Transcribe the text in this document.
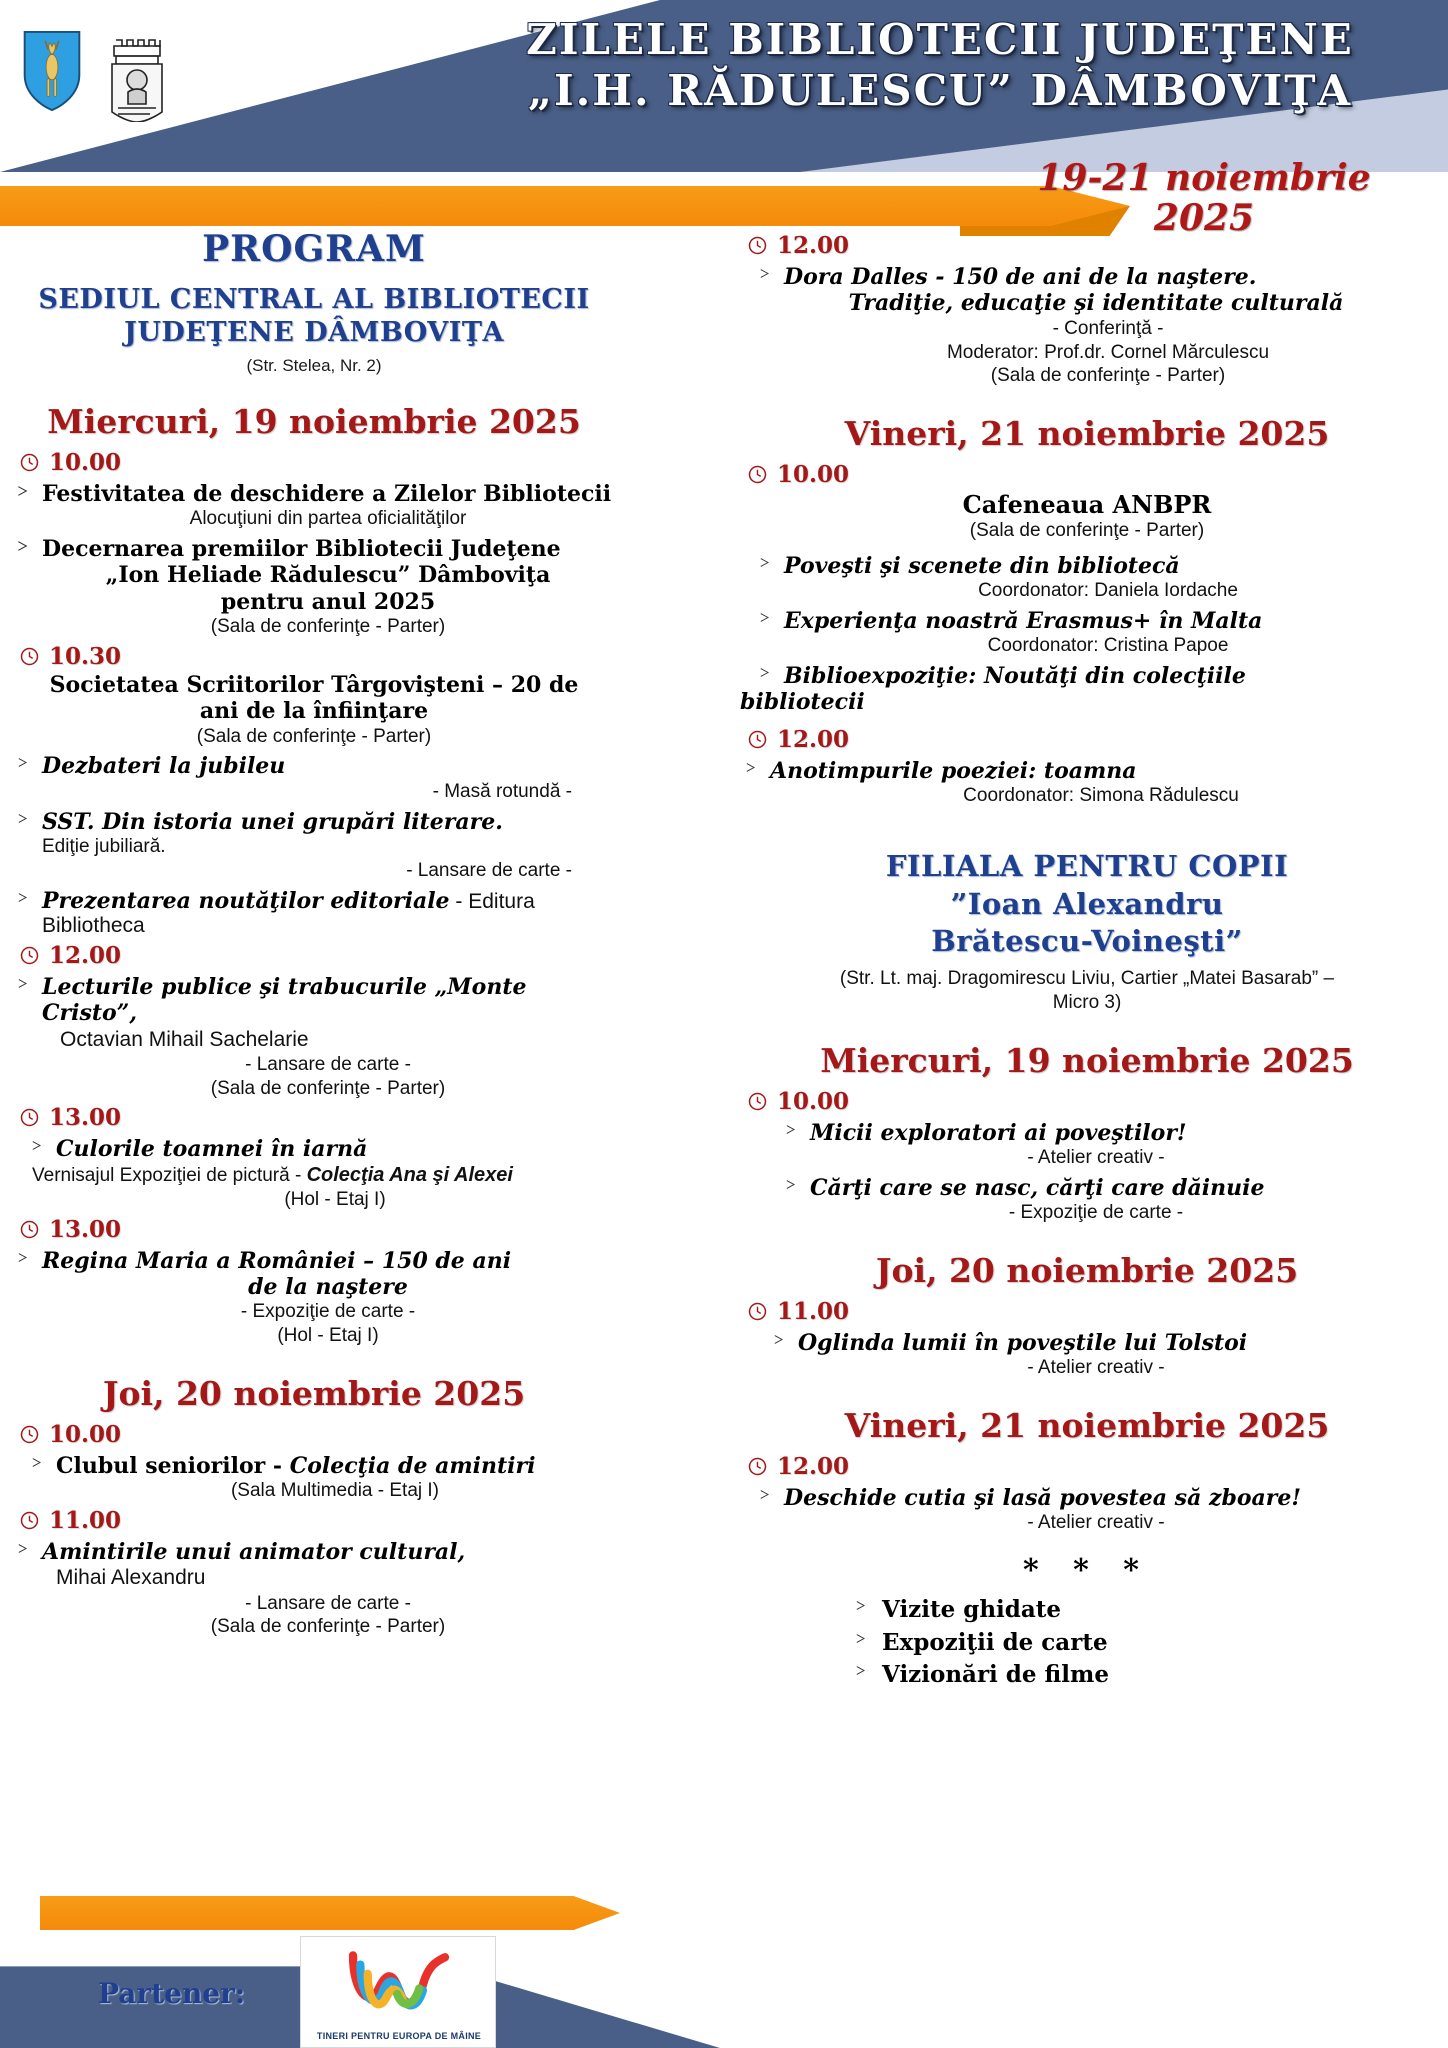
ZILELE BIBLIOTECII JUDEŢENE
„I.H. RĂDULESCU” DÂMBOVIŢA
19-21 noiembrie
2025
PROGRAM
SEDIUL CENTRAL AL BIBLIOTECII
JUDEŢENE DÂMBOVIŢA
(Str. Stelea, Nr. 2)
Miercuri, 19 noiembrie 2025
10.00
Festivitatea de deschidere a Zilelor Bibliotecii
Alocuţiuni din partea oficialităţilor
Decernarea premiilor Bibliotecii Judeţene
„Ion Heliade Rădulescu” Dâmboviţa
pentru anul 2025
(Sala de conferinţe - Parter)
10.30
Societatea Scriitorilor Târgovişteni – 20 de
ani de la înfiinţare
(Sala de conferinţe - Parter)
Dezbateri la jubileu
- Masă rotundă -
SST. Din istoria unei grupări literare.
Ediţie jubiliară.
- Lansare de carte -
Prezentarea noutăţilor editoriale - Editura Bibliotheca
12.00
Lecturile publice şi trabucurile „Monte Cristo”,
Octavian Mihail Sachelarie
- Lansare de carte -
(Sala de conferinţe - Parter)
13.00
Culorile toamnei în iarnă
Vernisajul Expoziţiei de pictură - Colecţia Ana şi Alexei
(Hol - Etaj I)
13.00
Regina Maria a României – 150 de ani
de la naştere
- Expoziţie de carte -
(Hol - Etaj I)
Joi, 20 noiembrie 2025
10.00
Clubul seniorilor - Colecţia de amintiri
(Sala Multimedia - Etaj I)
11.00
Amintirile unui animator cultural,
Mihai Alexandru
- Lansare de carte -
(Sala de conferinţe - Parter)
12.00
Dora Dalles - 150 de ani de la naştere.
Tradiţie, educaţie şi identitate culturală
- Conferinţă -
Moderator: Prof.dr. Cornel Mărculescu
(Sala de conferinţe - Parter)
Vineri, 21 noiembrie 2025
10.00
Cafeneaua ANBPR
(Sala de conferinţe - Parter)
Poveşti şi scenete din bibliotecă
Coordonator: Daniela Iordache
Experienţa noastră Erasmus+ în Malta
Coordonator: Cristina Papoe
Biblioexpoziţie: Noutăţi din colecţiile
bibliotecii
12.00
Anotimpurile poeziei: toamna
Coordonator: Simona Rădulescu
FILIALA PENTRU COPII
”Ioan Alexandru
Brătescu-Voineşti”
(Str. Lt. maj. Dragomirescu Liviu, Cartier „Matei Basarab” –
Micro 3)
Miercuri, 19 noiembrie 2025
10.00
Micii exploratori ai poveştilor!
- Atelier creativ -
Cărţi care se nasc, cărţi care dăinuie
- Expoziţie de carte -
Joi, 20 noiembrie 2025
11.00
Oglinda lumii în poveştile lui Tolstoi
- Atelier creativ -
Vineri, 21 noiembrie 2025
12.00
Deschide cutia şi lasă povestea să zboare!
- Atelier creativ -
* * *
Vizite ghidate
Expoziţii de carte
Vizionări de filme
Partener:
TINERI PENTRU EUROPA DE MÂINE
